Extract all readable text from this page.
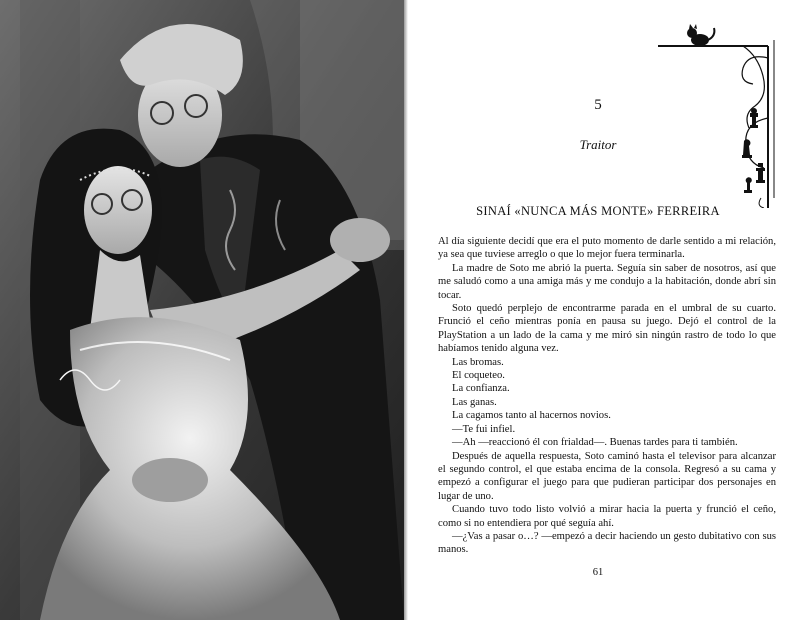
5
Traitor
SINAÍ «NUNCA MÁS MONTE» FERREIRA

Al día siguiente decidí que era el puto momento de darle sentido a mi relación, ya sea que tuviese arreglo o que lo mejor fuera terminarla.

La madre de Soto me abrió la puerta. Seguía sin saber de nosotros, así que me saludó como a una amiga más y me condujo a la habitación, donde abrí sin tocar.

Soto quedó perplejo de encontrarme parada en el umbral de su cuarto. Frunció el ceño mientras ponía en pausa su juego. Dejó el control de la PlayStation a un lado de la cama y me miró sin ningún rastro de todo lo que habíamos tenido alguna vez.

Las bromas.

El coqueteo.

La confianza.

Las ganas.

La cagamos tanto al hacernos novios.

—Te fui infiel.

—Ah —reaccionó él con frialdad—. Buenas tardes para ti también.

Después de aquella respuesta, Soto caminó hasta el televisor para alcanzar el segundo control, el que estaba encima de la consola. Regresó a su cama y empezó a configurar el juego para que pudieran participar dos personajes en lugar de uno.

Cuando tuvo todo listo volvió a mirar hacia la puerta y frunció el ceño, como si no entendiera por qué seguía ahí.

—¿Vas a pasar o…? —empezó a decir haciendo un gesto dubitativo con sus manos.

61
